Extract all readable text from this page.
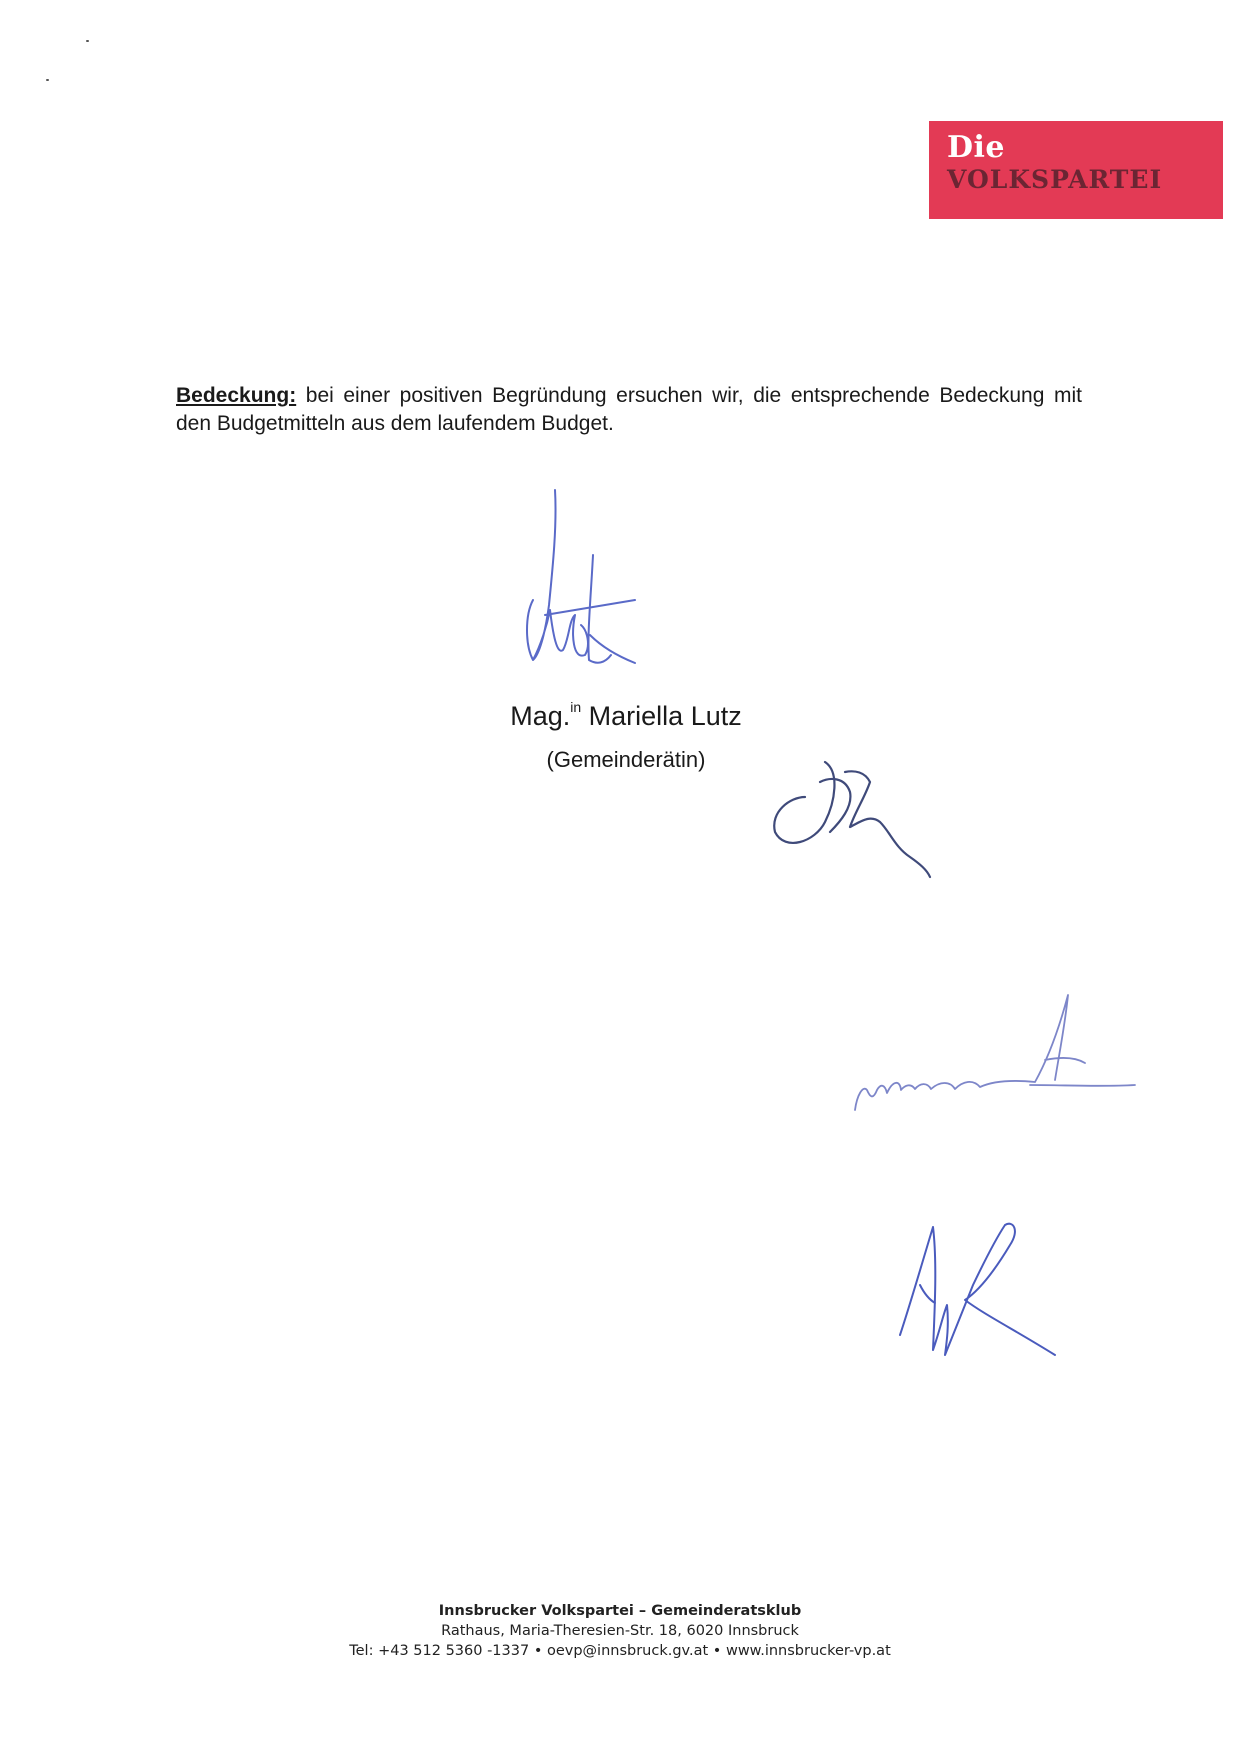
Die
VOLKSPARTEI

Bedeckung: bei einer positiven Begründung ersuchen wir, die entsprechende Bedeckung mit den Budgetmitteln aus dem laufendem Budget.

Mag.$^{in}$ Mariella Lutz
(Gemeinderätin)
Innsbrucker Volkspartei – Gemeinderatsklub
Rathaus, Maria-Theresien-Str. 18, 6020 Innsbruck
Tel: +43 512 5360 -1337 • oevp@innsbruck.gv.at • www.innsbrucker-vp.at
